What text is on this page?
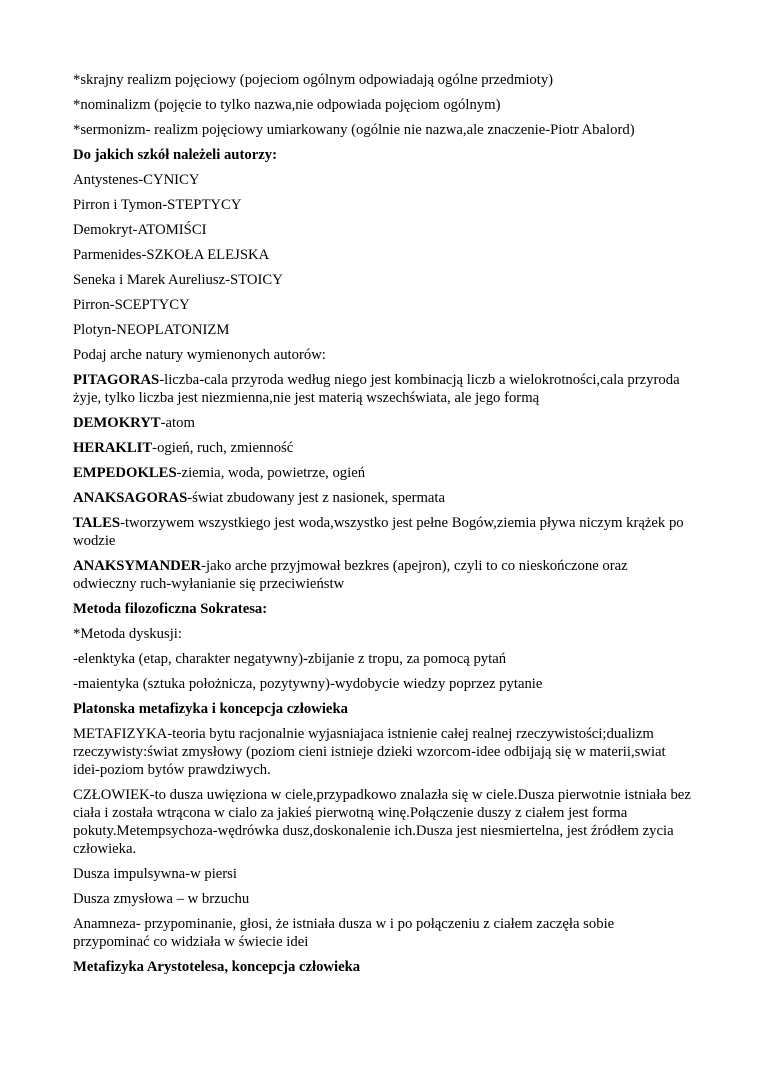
*skrajny realizm pojęciowy (pojeciom ogólnym odpowiadają ogólne przedmioty)

*nominalizm (pojęcie to tylko nazwa,nie odpowiada pojęciom ogólnym)

*sermonizm- realizm pojęciowy umiarkowany (ogólnie nie nazwa,ale znaczenie-Piotr Abalord)

Do jakich szkół należeli autorzy:

Antystenes-CYNICY

Pirron i Tymon-STEPTYCY

Demokryt-ATOMIŚCI

Parmenides-SZKOŁA ELEJSKA

Seneka i Marek Aureliusz-STOICY

Pirron-SCEPTYCY

Plotyn-NEOPLATONIZM

Podaj arche natury wymienonych autorów:

PITAGORAS-liczba-cala przyroda według niego jest kombinacją liczb a wielokrotności,cala przyroda żyje, tylko liczba jest niezmienna,nie jest materią wszechświata, ale jego formą

DEMOKRYT-atom

HERAKLIT-ogień, ruch, zmienność

EMPEDOKLES-ziemia, woda, powietrze, ogień

ANAKSAGORAS-świat zbudowany jest z nasionek, spermata

TALES-tworzywem wszystkiego jest woda,wszystko jest pełne Bogów,ziemia pływa niczym krążek po wodzie

ANAKSYMANDER-jako arche przyjmował bezkres (apejron), czyli to co nieskończone oraz odwieczny ruch-wyłanianie się przeciwieństw

Metoda filozoficzna Sokratesa:

*Metoda dyskusji:

-elenktyka (etap, charakter negatywny)-zbijanie z tropu, za pomocą pytań

-maientyka (sztuka położnicza, pozytywny)-wydobycie wiedzy poprzez pytanie

Platonska metafizyka i koncepcja człowieka

METAFIZYKA-teoria bytu racjonalnie wyjasniajaca istnienie całej realnej rzeczywistości;dualizm rzeczywisty:świat zmysłowy (poziom cieni istnieje dzieki wzorcom-idee odbijają się w materii,swiat idei-poziom bytów prawdziwych.

CZŁOWIEK-to dusza uwięziona w ciele,przypadkowo znalazła się w ciele.Dusza pierwotnie istniała bez ciała i została wtrącona w cialo za jakieś pierwotną winę.Połączenie duszy z ciałem jest forma pokuty.Metempsychoza-wędrówka dusz,doskonalenie ich.Dusza jest niesmiertelna, jest źródłem zycia człowieka.

Dusza impulsywna-w piersi

Dusza zmysłowa – w brzuchu

Anamneza- przypominanie, głosi, że istniała dusza w i po połączeniu z ciałem zaczęła sobie przypominać co widziała w świecie idei

Metafizyka Arystotelesa, koncepcja człowieka
